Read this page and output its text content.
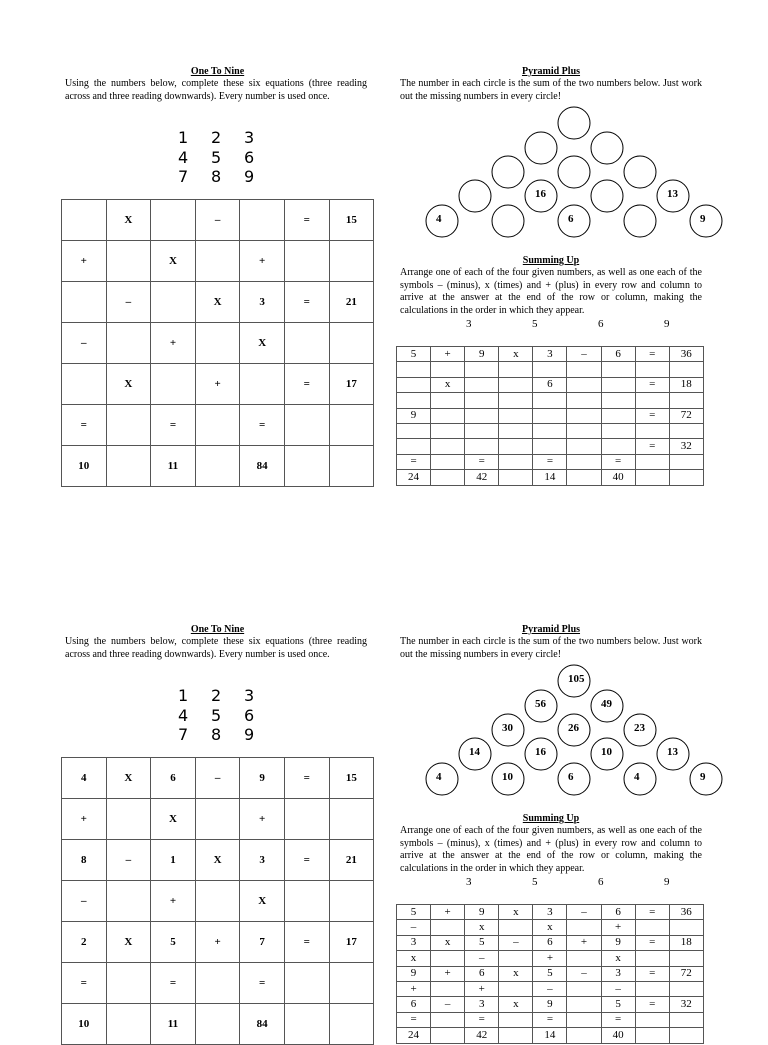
One To Nine
Using the numbers below, complete these six equations (three reading across and three reading downwards). Every number is used once.
1	2	3
4	5	6
7	8	9
	X		–		=	15
+		X		+		
	–		X	3	=	21
–		+		X		
	X		+		=	17
=		=		=		
10		11		84		
Pyramid Plus
The number in each circle is the sum of the two numbers below. Just work out the missing numbers in every circle!
16	13
4	6	9
Summing Up
Arrange one of each of the four given numbers, as well as one each of the symbols – (minus), x (times) and + (plus) in every row and column to arrive at the answer at the end of the row or column, making the calculations in the order in which they appear.
3	5	6	9
5	+	9	x	3	–	6	=	36

	x			6			=	18

9							=	72

							=	32
=		=		=		=		
24		42		14		40		
One To Nine
Using the numbers below, complete these six equations (three reading across and three reading downwards). Every number is used once.
1	2	3
4	5	6
7	8	9
4	X	6	–	9	=	15
+		X		+		
8	–	1	X	3	=	21
–		+		X		
2	X	5	+	7	=	17
=		=		=		
10		11		84		
Pyramid Plus
The number in each circle is the sum of the two numbers below. Just work out the missing numbers in every circle!
105
56	49
30	26	23
14	16	10	13
4	10	6	4	9
Summing Up
Arrange one of each of the four given numbers, as well as one each of the symbols – (minus), x (times) and + (plus) in every row and column to arrive at the answer at the end of the row or column, making the calculations in the order in which they appear.
3	5	6	9
5	+	9	x	3	–	6	=	36
–		x		x		+		
3	x	5	–	6	+	9	=	18
x		–		+		x		
9	+	6	x	5	–	3	=	72
+		+		–		–		
6	–	3	x	9		5	=	32
=		=		=		=		
24		42		14		40		
